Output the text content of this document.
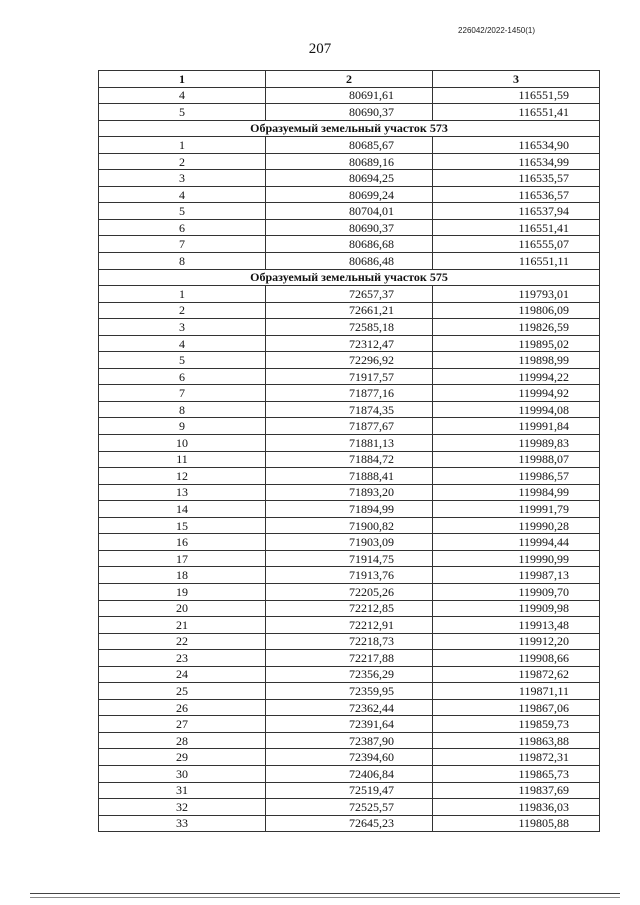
226042/2022-1450(1)
207
1	2	3
4	80691,61	116551,59
5	80690,37	116551,41
Образуемый земельный участок 573		
1	80685,67	116534,90
2	80689,16	116534,99
3	80694,25	116535,57
4	80699,24	116536,57
5	80704,01	116537,94
6	80690,37	116551,41
7	80686,68	116555,07
8	80686,48	116551,11
Образуемый земельный участок 575		
1	72657,37	119793,01
2	72661,21	119806,09
3	72585,18	119826,59
4	72312,47	119895,02
5	72296,92	119898,99
6	71917,57	119994,22
7	71877,16	119994,92
8	71874,35	119994,08
9	71877,67	119991,84
10	71881,13	119989,83
11	71884,72	119988,07
12	71888,41	119986,57
13	71893,20	119984,99
14	71894,99	119991,79
15	71900,82	119990,28
16	71903,09	119994,44
17	71914,75	119990,99
18	71913,76	119987,13
19	72205,26	119909,70
20	72212,85	119909,98
21	72212,91	119913,48
22	72218,73	119912,20
23	72217,88	119908,66
24	72356,29	119872,62
25	72359,95	119871,11
26	72362,44	119867,06
27	72391,64	119859,73
28	72387,90	119863,88
29	72394,60	119872,31
30	72406,84	119865,73
31	72519,47	119837,69
32	72525,57	119836,03
33	72645,23	119805,88
